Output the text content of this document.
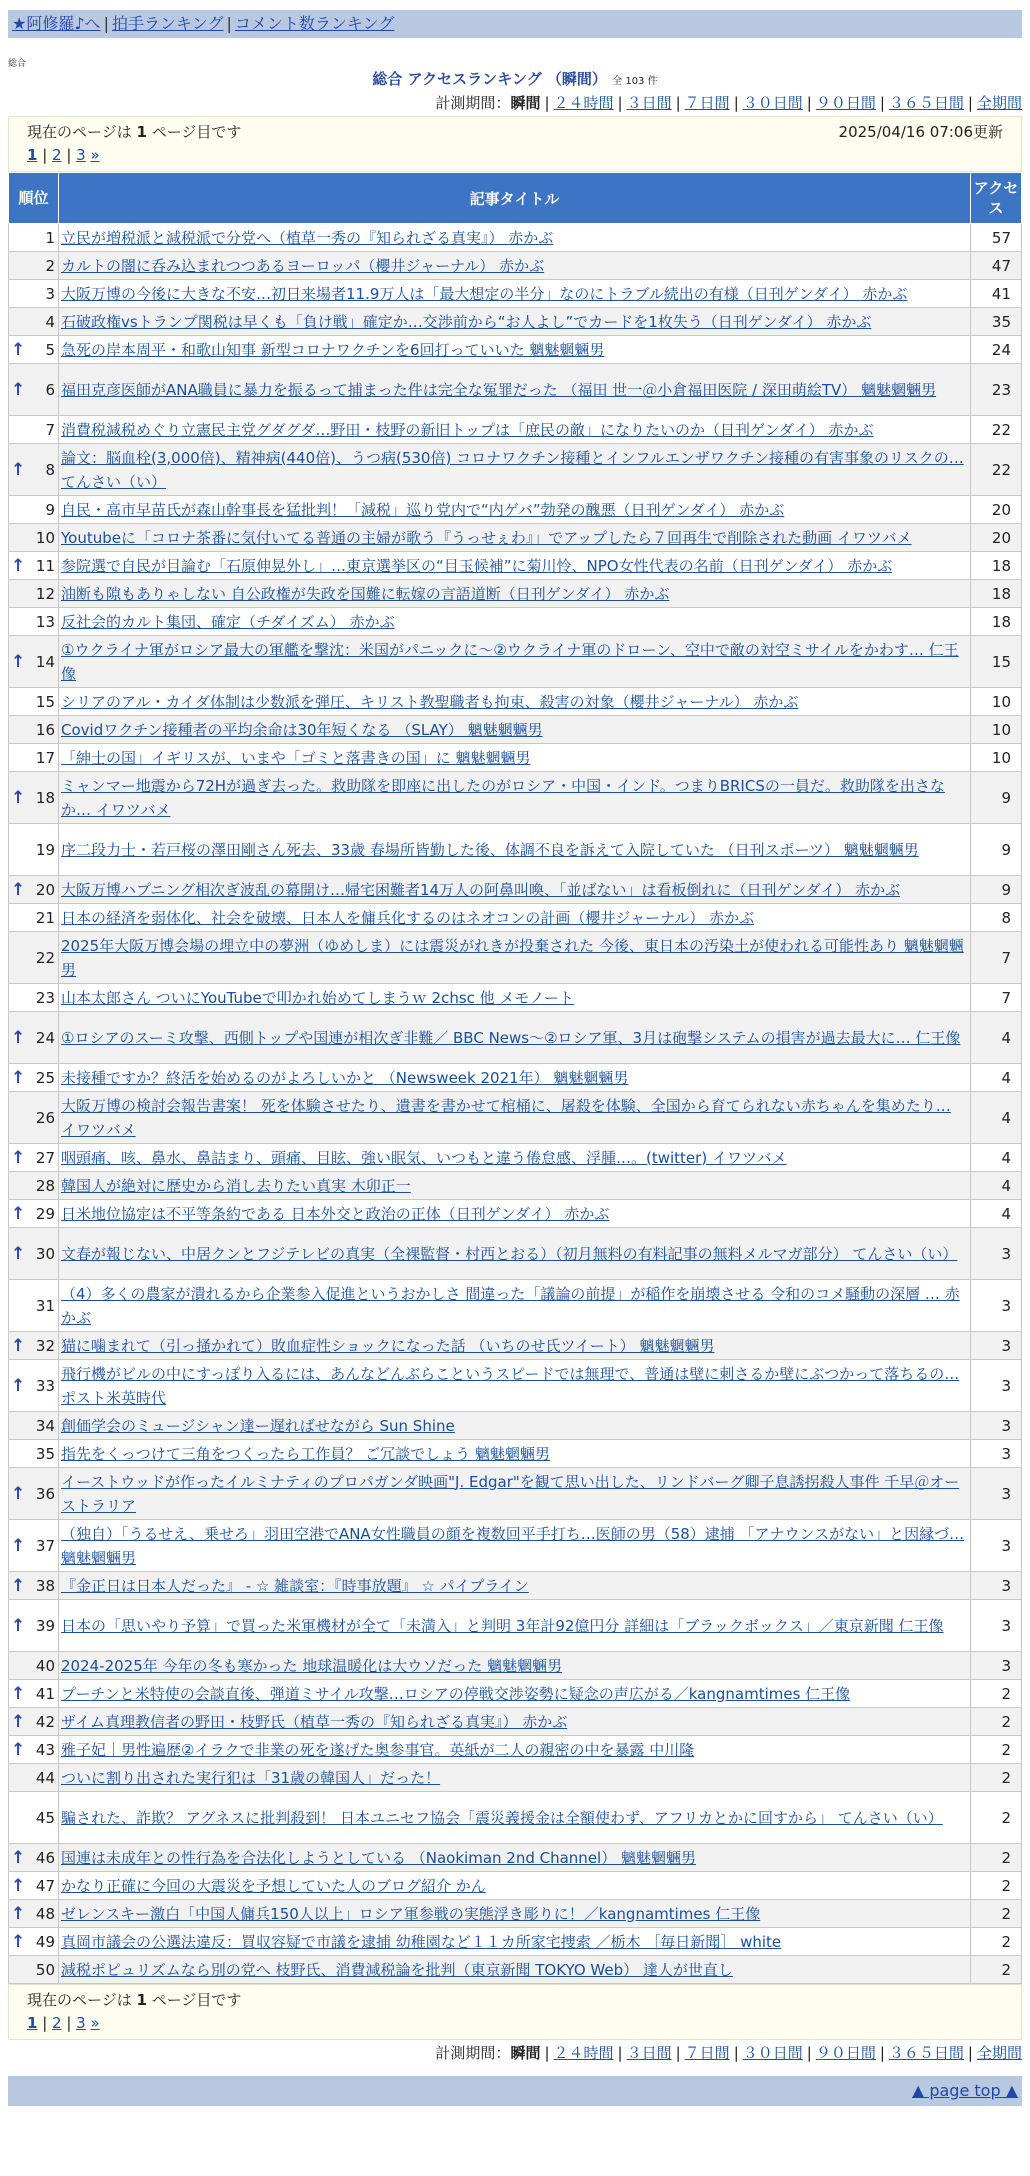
★阿修羅♪へ | 拍手ランキング | コメント数ランキング
総合
総合 アクセスランキング （瞬間） 全 103 件
計測期間：瞬間 | ２４時間 | ３日間 | ７日間 | ３０日間 | ９０日間 | ３６５日間 | 全期間
現在のページは 1 ページ目です	2025/04/16 07:06更新
1 | 2 | 3 »
順位	記事タイトル	アクセス
1	立民が増税派と減税派で分党へ（植草一秀の『知られざる真実』） 赤かぶ	57
2	カルトの闇に呑み込まれつつあるヨーロッパ（櫻井ジャーナル） 赤かぶ	47
3	大阪万博の今後に大きな不安…初日来場者11.9万人は「最大想定の半分」なのにトラブル続出の有様（日刊ゲンダイ） 赤かぶ	41
4	石破政権vsトランプ関税は早くも「負け戦」確定か…交渉前から“お人よし”でカードを1枚失う（日刊ゲンダイ） 赤かぶ	35

↑ 5	急死の岸本周平・和歌山知事 新型コロナワクチンを6回打っていいた 魑魅魍魎男	24

↑ 6	福田克彦医師がANA職員に暴力を振るって捕まった件は完全な冤罪だった （福田 世一＠小倉福田医院 / 深田萌絵TV） 魑魅魍魎男	23
7	消費税減税めぐり立憲民主党グダグダ…野田・枝野の新旧トップは「庶民の敵」になりたいのか（日刊ゲンダイ） 赤かぶ	22

↑ 8	論文：脳血栓(3,000倍)、精神病(440倍)、うつ病(530倍) コロナワクチン接種とインフルエンザワクチン接種の有害事象のリスクの… てんさい（い）	22
9	自民・高市早苗氏が森山幹事長を猛批判！「減税」巡り党内で“内ゲバ”勃発の醜悪（日刊ゲンダイ） 赤かぶ	20
10	Youtubeに「コロナ茶番に気付いてる普通の主婦が歌う『うっせぇわ』」でアップしたら７回再生で削除された動画 イワツバメ	20

↑ 11	参院選で自民が目論む「石原伸晃外し」…東京選挙区の“目玉候補”に菊川怜、NPO女性代表の名前（日刊ゲンダイ） 赤かぶ	18
12	油断も隙もありゃしない 自公政権が失政を国難に転嫁の言語道断（日刊ゲンダイ） 赤かぶ	18
13	反社会的カルト集団、確定（チダイズム） 赤かぶ	18

↑ 14	①ウクライナ軍がロシア最大の軍艦を撃沈：米国がパニックに～②ウクライナ軍のドローン、空中で敵の対空ミサイルをかわす… 仁王像	15
15	シリアのアル・カイダ体制は少数派を弾圧、キリスト教聖職者も拘束、殺害の対象（櫻井ジャーナル） 赤かぶ	10
16	Covidワクチン接種者の平均余命は30年短くなる （SLAY） 魑魅魍魎男	10
17	「紳士の国」イギリスが、いまや「ゴミと落書きの国」に 魑魅魍魎男	10

↑ 18	ミャンマー地震から72Hが過ぎ去った。救助隊を即座に出したのがロシア・中国・インド。つまりBRICSの一員だ。救助隊を出さなか… イワツバメ	9
19	序二段力士・若戸桜の澤田剛さん死去、33歳 春場所皆勤した後、体調不良を訴えて入院していた （日刊スポーツ） 魑魅魍魎男	9

↑ 20	大阪万博ハプニング相次ぎ波乱の幕開け…帰宅困難者14万人の阿鼻叫喚、「並ばない」は看板倒れに（日刊ゲンダイ） 赤かぶ	9
21	日本の経済を弱体化、社会を破壊、日本人を傭兵化するのはネオコンの計画（櫻井ジャーナル） 赤かぶ	8
22	2025年大阪万博会場の埋立中の夢洲（ゆめしま）には震災がれきが投棄された 今後、東日本の汚染土が使われる可能性あり 魑魅魍魎男	7
23	山本太郎さん ついにYouTubeで叩かれ始めてしまうｗ 2chsc 他 メモノート	7

↑ 24	①ロシアのスーミ攻撃、西側トップや国連が相次ぎ非難／ BBC News～②ロシア軍、3月は砲撃システムの損害が過去最大に… 仁王像	4

↑ 25	未接種ですか？終活を始めるのがよろしいかと （Newsweek 2021年） 魑魅魍魎男	4
26	大阪万博の検討会報告書案！ 死を体験させたり、遺書を書かせて棺桶に、屠殺を体験、全国から育てられない赤ちゃんを集めたり… イワツバメ	4

↑ 27	咽頭痛、咳、鼻水、鼻詰まり、頭痛、目眩、強い眠気、いつもと違う倦怠感、浮腫…。(twitter) イワツバメ	4
28	韓国人が絶対に歴史から消し去りたい真実 木卯正一	4

↑ 29	日米地位協定は不平等条約である 日本外交と政治の正体（日刊ゲンダイ） 赤かぶ	4

↑ 30	文春が報じない、中居クンとフジテレビの真実（全裸監督・村西とおる）（初月無料の有料記事の無料メルマガ部分） てんさい（い）	3
31	（4）多くの農家が潰れるから企業参入促進というおかしさ 間違った「議論の前提」が稲作を崩壊させる 令和のコメ騒動の深層 … 赤かぶ	3

↑ 32	猫に噛まれて（引っ掻かれて）敗血症性ショックになった話 （いちのせ氏ツイート） 魑魅魍魎男	3

↑ 33	飛行機がビルの中にすっぽり入るには、あんなどんぶらこというスピードでは無理で、普通は壁に刺さるか壁にぶつかって落ちるの… ポスト米英時代	3
34	創価学会のミュージシャン達ー遅ればせながら Sun Shine	3
35	指先をくっつけて三角をつくったら工作員？ ご冗談でしょう 魑魅魍魎男	3

↑ 36	イーストウッドが作ったイルミナティのプロパガンダ映画"J. Edgar"を観て思い出した、リンドバーグ卿子息誘拐殺人事件 千早＠オーストラリア	3

↑ 37	（独自）「うるせえ、乗せろ」羽田空港でANA女性職員の顔を複数回平手打ち…医師の男（58）逮捕 「アナウンスがない」と因縁づ… 魑魅魍魎男	3

↑ 38	『金正日は日本人だった』 - ☆ 雑談室：『時事放題』 ☆ パイプライン	3

↑ 39	日本の「思いやり予算」で買った米軍機材が全て「未満入」と判明 3年計92億円分 詳細は「ブラックボックス」／東京新聞 仁王像	3
40	2024-2025年 今年の冬も寒かった 地球温暖化は大ウソだった 魑魅魍魎男	3

↑ 41	プーチンと米特使の会談直後、弾道ミサイル攻撃…ロシアの停戦交渉姿勢に疑念の声広がる／kangnamtimes 仁王像	2

↑ 42	ザイム真理教信者の野田・枝野氏（植草一秀の『知られざる真実』） 赤かぶ	2

↑ 43	雅子妃｜男性遍歴②イラクで非業の死を遂げた奥参事官。英紙が二人の親密の中を暴露 中川隆	2
44	ついに割り出された実行犯は「31歳の韓国人」だった！	2
45	騙された、詐欺？ アグネスに批判殺到！ 日本ユニセフ協会「震災義援金は全額使わず、アフリカとかに回すから」 てんさい（い）	2

↑ 46	国連は未成年との性行為を合法化しようとしている （Naokiman 2nd Channel） 魑魅魍魎男	2

↑ 47	かなり正確に今回の大震災を予想していた人のブログ紹介 かん	2

↑ 48	ゼレンスキー激白「中国人傭兵150人以上」ロシア軍参戦の実態浮き彫りに！／kangnamtimes 仁王像	2

↑ 49	真岡市議会の公選法違反：買収容疑で市議を逮捕 幼稚園など１１カ所家宅捜索 ／栃木 ［毎日新聞］ white	2
50	減税ポピュリズムなら別の党へ 枝野氏、消費減税論を批判（東京新聞 TOKYO Web） 達人が世直し	2
現在のページは 1 ページ目です
1 | 2 | 3 »
計測期間：瞬間 | ２４時間 | ３日間 | ７日間 | ３０日間 | ９０日間 | ３６５日間 | 全期間
▲ page top ▲
